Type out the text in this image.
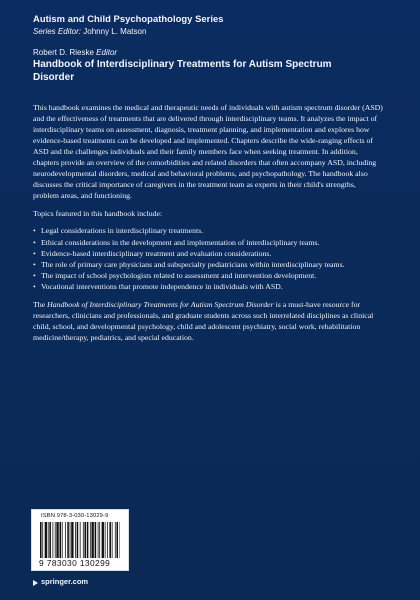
Autism and Child Psychopathology Series
Series Editor: Johnny L. Matson
Robert D. Rieske Editor
Handbook of Interdisciplinary Treatments for Autism Spectrum Disorder

This handbook examines the medical and therapeutic needs of individuals with autism spectrum disorder (ASD) and the effectiveness of treatments that are delivered through interdisciplinary teams. It analyzes the impact of interdisciplinary teams on assessment, diagnosis, treatment planning, and implementation and explores how evidence-based treatments can be developed and implemented. Chapters describe the wide-ranging effects of ASD and the challenges individuals and their family members face when seeking treatment. In addition, chapters provide an overview of the comorbidities and related disorders that often accompany ASD, including neurodevelopmental disorders, medical and behavioral problems, and psychopathology. The handbook also discusses the critical importance of caregivers in the treatment team as experts in their child's strengths, problem areas, and functioning.

Topics featured in this handbook include:

• Legal considerations in interdisciplinary treatments.
• Ethical considerations in the development and implementation of interdisciplinary teams.
• Evidence-based interdisciplinary treatment and evaluation considerations.
• The role of primary care physicians and subspecialty pediatricians within interdisciplinary teams.
• The impact of school psychologists related to assessment and intervention development.
• Vocational interventions that promote independence in individuals with ASD.

The Handbook of Interdisciplinary Treatments for Autism Spectrum Disorder is a must-have resource for researchers, clinicians and professionals, and graduate students across such interrelated disciplines as clinical child, school, and developmental psychology, child and adolescent psychiatry, social work, rehabilitation medicine/therapy, pediatrics, and special education.

ISBN 978-3-030-13029-9
9 783030 130299
springer.com
